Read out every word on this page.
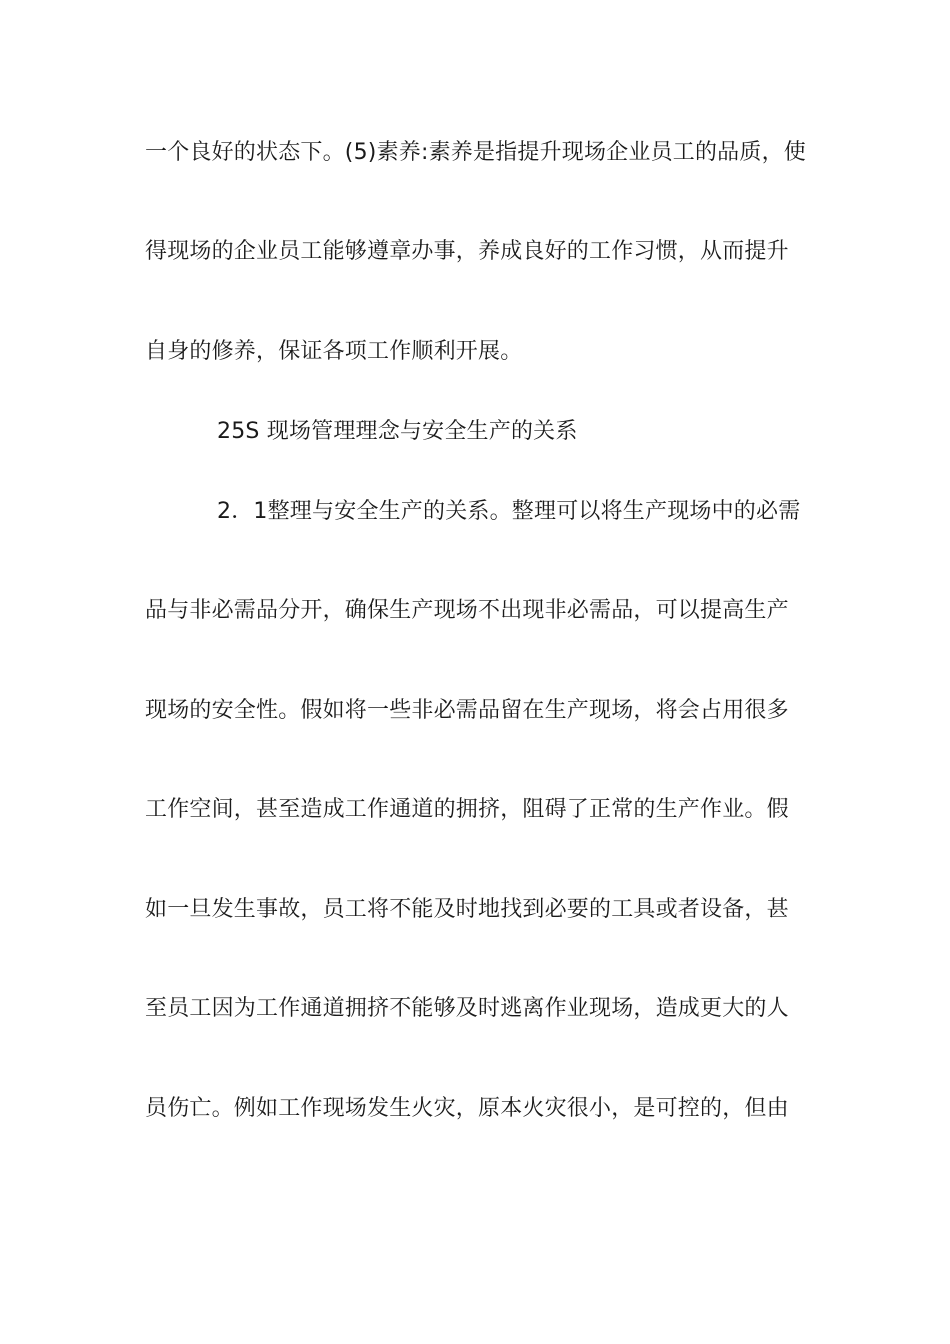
一个良好的状态下。(5)素养:素养是指提升现场企业员工的品质，使
得现场的企业员工能够遵章办事，养成良好的工作习惯，从而提升
自身的修养，保证各项工作顺利开展。
25S 现场管理理念与安全生产的关系
2．1整理与安全生产的关系。整理可以将生产现场中的必需
品与非必需品分开，确保生产现场不出现非必需品，可以提高生产
现场的安全性。假如将一些非必需品留在生产现场，将会占用很多
工作空间，甚至造成工作通道的拥挤，阻碍了正常的生产作业。假
如一旦发生事故，员工将不能及时地找到必要的工具或者设备，甚
至员工因为工作通道拥挤不能够及时逃离作业现场，造成更大的人
员伤亡。例如工作现场发生火灾，原本火灾很小，是可控的，但由
